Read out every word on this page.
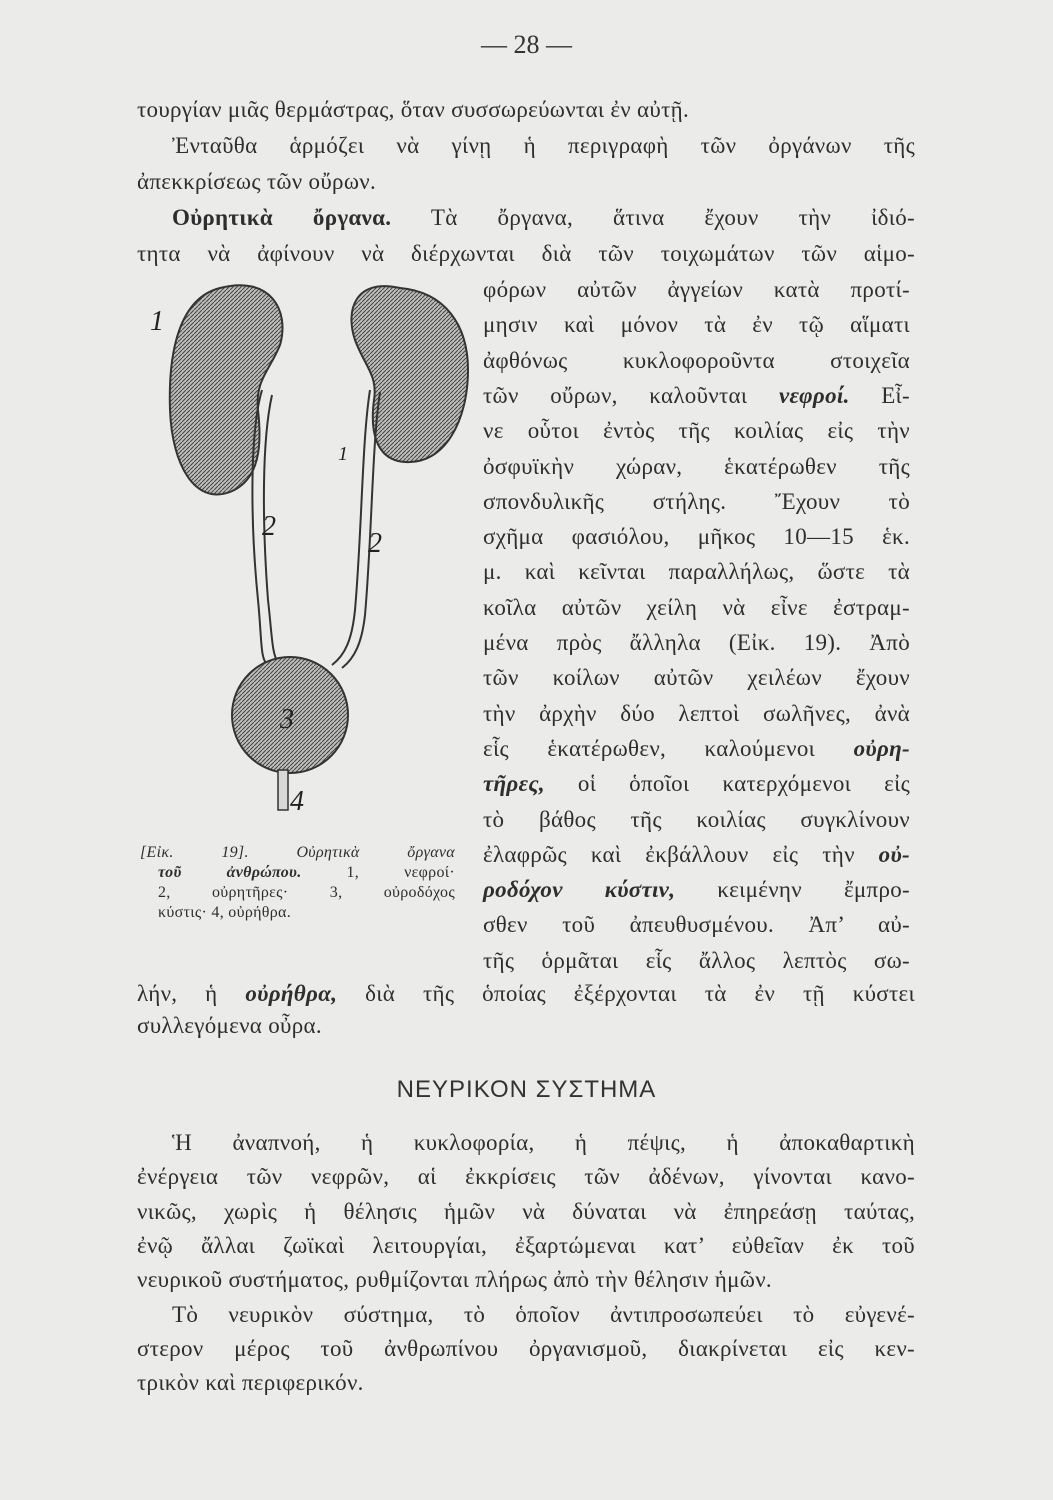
— 28 —
τουργίαν μιᾶς θερμάστρας, ὅταν συσσωρεύωνται ἐν αὐτῇ.
Ἐνταῦθα ἁρμόζει νὰ γίνῃ ἡ περιγραφὴ τῶν ὀργάνων τῆς
ἀπεκκρίσεως τῶν οὔρων.
Οὐρητικὰ ὄργανα. Τὰ ὄργανα, ἅτινα ἔχουν τὴν ἰδιό-
τητα νὰ ἀφίνουν νὰ διέρχωνται διὰ τῶν τοιχωμάτων τῶν αἱμο-
1
1
2
2
3
4
φόρων αὐτῶν ἀγγείων κατὰ προτί-
μησιν καὶ μόνον τὰ ἐν τῷ αἵματι
ἀφθόνως κυκλοφοροῦντα στοιχεῖα
τῶν οὔρων, καλοῦνται νεφροί. Εἶ-
νε οὗτοι ἐντὸς τῆς κοιλίας εἰς τὴν
ὀσφυϊκὴν χώραν, ἑκατέρωθεν τῆς
σπονδυλικῆς στήλης. Ἔχουν τὸ
σχῆμα φασιόλου, μῆκος 10—15 ἑκ.
μ. καὶ κεῖνται παραλλήλως, ὥστε τὰ
κοῖλα αὐτῶν χείλη νὰ εἶνε ἐστραμ-
μένα πρὸς ἄλληλα (Εἰκ. 19). Ἀπὸ
τῶν κοίλων αὐτῶν χειλέων ἔχουν
τὴν ἀρχὴν δύο λεπτοὶ σωλῆνες, ἀνὰ
εἷς ἑκατέρωθεν, καλούμενοι οὐρη-
τῆρες, οἱ ὁποῖοι κατερχόμενοι εἰς
τὸ βάθος τῆς κοιλίας συγκλίνουν
ἐλαφρῶς καὶ ἐκβάλλουν εἰς τὴν οὐ-
ροδόχον κύστιν, κειμένην ἔμπρο-
σθεν τοῦ ἀπευθυσμένου. Ἀπ’ αὐ-
τῆς ὁρμᾶται εἷς ἄλλος λεπτὸς σω-
[Εἰκ. 19].	Οὐρητικὰ ὄργανα
τοῦ ἀνθρώπου. 1, νεφροί·
2, οὐρητῆρες· 3, οὐροδόχος
κύστις· 4, οὐρήθρα.
λήν, ἡ οὐρήθρα, διὰ τῆς ὁποίας ἐξέρχονται τὰ ἐν τῇ κύστει
συλλεγόμενα οὖρα.
ΝΕΥΡΙΚΟΝ ΣΥΣΤΗΜΑ
Ἡ ἀναπνοή, ἡ κυκλοφορία, ἡ πέψις, ἡ ἀποκαθαρτικὴ
ἐνέργεια τῶν νεφρῶν, αἱ ἐκκρίσεις τῶν ἀδένων, γίνονται κανο-
νικῶς, χωρὶς ἡ θέλησις ἡμῶν νὰ δύναται νὰ ἐπηρεάσῃ ταύτας,
ἐνῷ ἄλλαι ζωϊκαὶ λειτουργίαι, ἐξαρτώμεναι κατ’ εὐθεῖαν ἐκ τοῦ
νευρικοῦ συστήματος, ρυθμίζονται πλήρως ἀπὸ τὴν θέλησιν ἡμῶν.
Τὸ νευρικὸν σύστημα, τὸ ὁποῖον ἀντιπροσωπεύει τὸ εὐγενέ-
στερον μέρος τοῦ ἀνθρωπίνου ὀργανισμοῦ, διακρίνεται εἰς κεν-
τρικὸν καὶ περιφερικόν.
